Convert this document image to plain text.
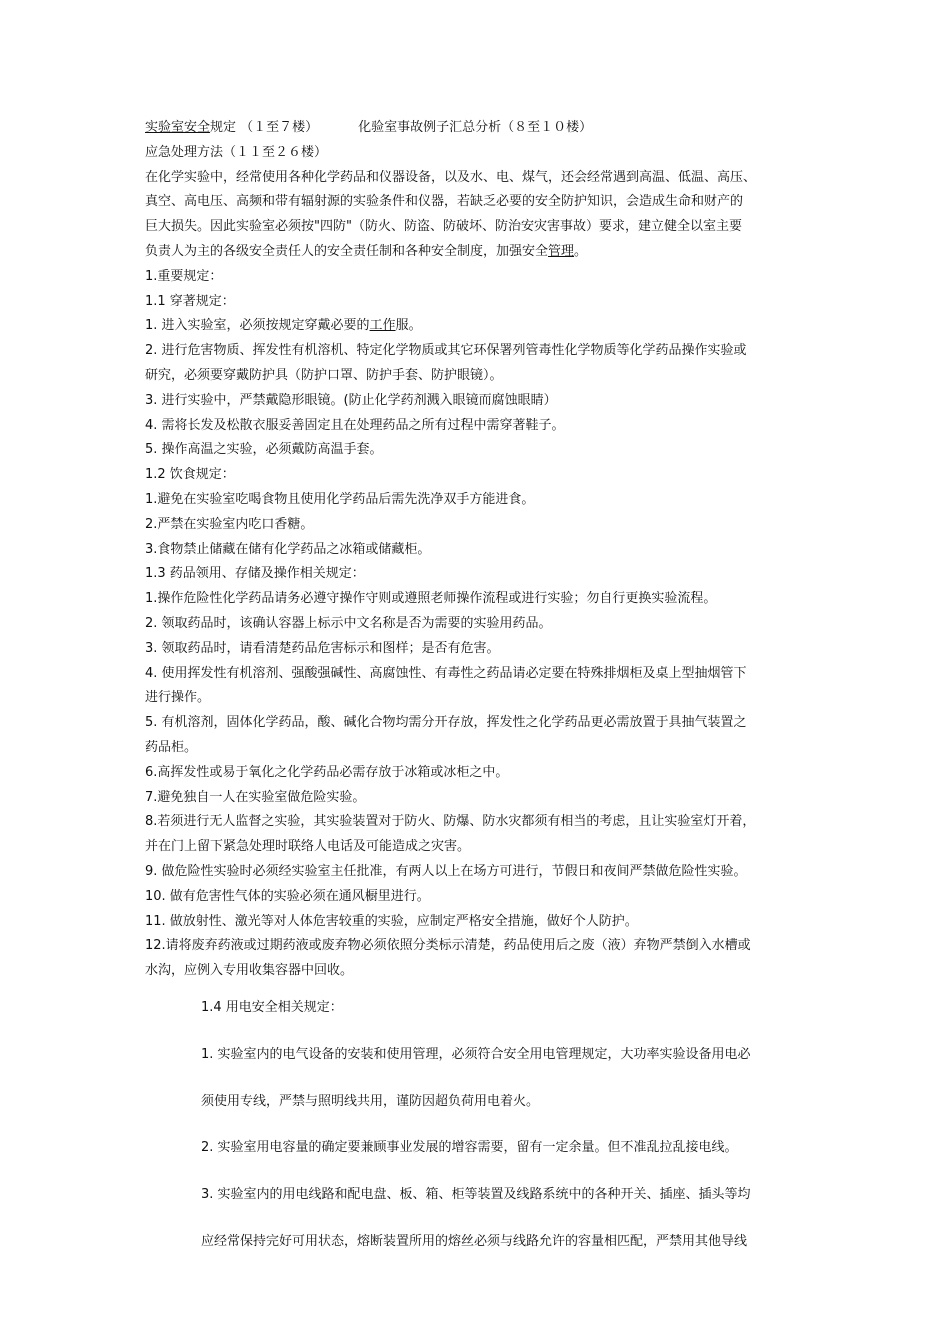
实验室安全规定 （１至７楼）	化验室事故例子汇总分析（８至１０楼）
应急处理方法（１１至２６楼）
在化学实验中，经常使用各种化学药品和仪器设备，以及水、电、煤气，还会经常遇到高温、低温、高压、
真空、高电压、高频和带有辐射源的实验条件和仪器，若缺乏必要的安全防护知识，会造成生命和财产的
巨大损失。因此实验室必须按"四防"（防火、防盗、防破坏、防治安灾害事故）要求，建立健全以室主要
负责人为主的各级安全责任人的安全责任制和各种安全制度，加强安全管理。
1.重要规定：
1.1 穿著规定：
1. 进入实验室，必须按规定穿戴必要的工作服。
2. 进行危害物质、挥发性有机溶机、特定化学物质或其它环保署列管毒性化学物质等化学药品操作实验或
研究，必须要穿戴防护具（防护口罩、防护手套、防护眼镜）。
3. 进行实验中，严禁戴隐形眼镜。(防止化学药剂溅入眼镜而腐蚀眼睛）
4. 需将长发及松散衣服妥善固定且在处理药品之所有过程中需穿著鞋子。
5. 操作高温之实验，必须戴防高温手套。
1.2 饮食规定：
1.避免在实验室吃喝食物且使用化学药品后需先洗净双手方能进食。
2.严禁在实验室内吃口香糖。
3.食物禁止储藏在储有化学药品之冰箱或储藏柜。
1.3 药品领用、存储及操作相关规定：
1.操作危险性化学药品请务必遵守操作守则或遵照老师操作流程或进行实验；勿自行更换实验流程。
2. 领取药品时，该确认容器上标示中文名称是否为需要的实验用药品。
3. 领取药品时，请看清楚药品危害标示和图样；是否有危害。
4. 使用挥发性有机溶剂、强酸强碱性、高腐蚀性、有毒性之药品请必定要在特殊排烟柜及桌上型抽烟管下
进行操作。
5. 有机溶剂，固体化学药品，酸、碱化合物均需分开存放，挥发性之化学药品更必需放置于具抽气装置之
药品柜。
6.高挥发性或易于氧化之化学药品必需存放于冰箱或冰柜之中。
7.避免独自一人在实验室做危险实验。
8.若须进行无人监督之实验，其实验装置对于防火、防爆、防水灾都须有相当的考虑，且让实验室灯开着，
并在门上留下紧急处理时联络人电话及可能造成之灾害。
9. 做危险性实验时必须经实验室主任批准，有两人以上在场方可进行，节假日和夜间严禁做危险性实验。
10. 做有危害性气体的实验必须在通风橱里进行。
11. 做放射性、激光等对人体危害较重的实验，应制定严格安全措施，做好个人防护。
12.请将废弃药液或过期药液或废弃物必须依照分类标示清楚，药品使用后之废（液）弃物严禁倒入水槽或
水沟，应例入专用收集容器中回收。
1.4 用电安全相关规定：
1. 实验室内的电气设备的安装和使用管理，必须符合安全用电管理规定，大功率实验设备用电必
须使用专线，严禁与照明线共用，谨防因超负荷用电着火。
2. 实验室用电容量的确定要兼顾事业发展的增容需要，留有一定余量。但不准乱拉乱接电线。
3. 实验室内的用电线路和配电盘、板、箱、柜等装置及线路系统中的各种开关、插座、插头等均
应经常保持完好可用状态，熔断装置所用的熔丝必须与线路允许的容量相匹配，严禁用其他导线
